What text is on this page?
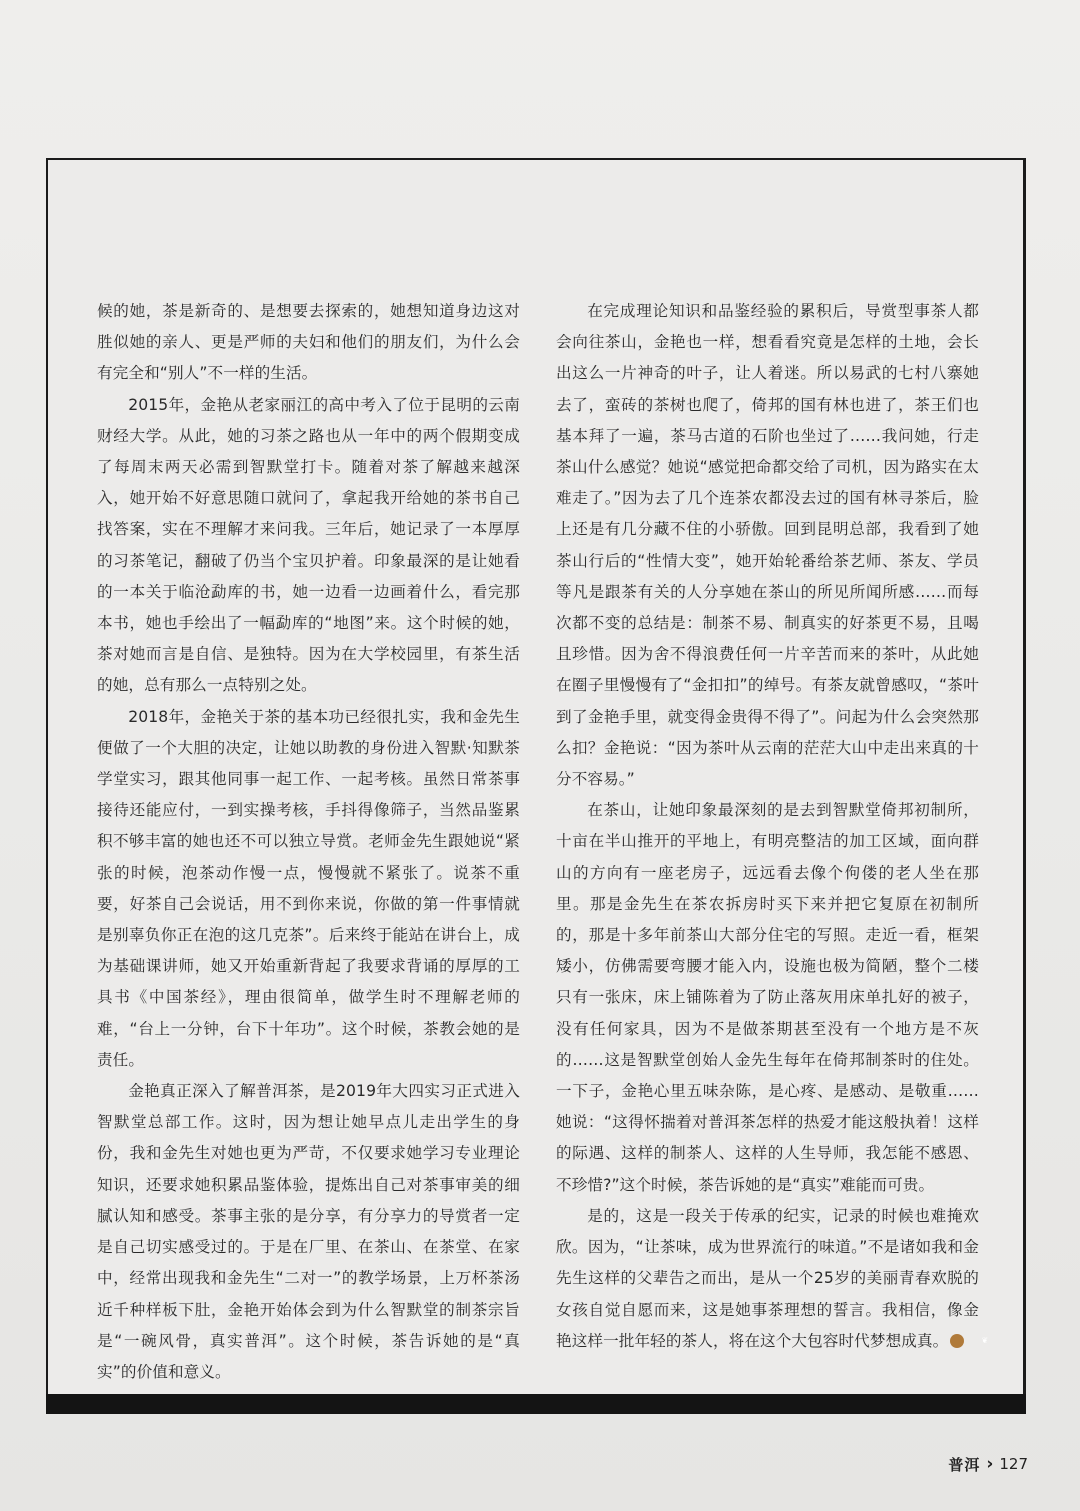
候的她，茶是新奇的、是想要去探索的，她想知道身边这对胜似她的亲人、更是严师的夫妇和他们的朋友们，为什么会有完全和“别人”不一样的生活。

2015年，金艳从老家丽江的高中考入了位于昆明的云南财经大学。从此，她的习茶之路也从一年中的两个假期变成了每周末两天必需到智默堂打卡。随着对茶了解越来越深入，她开始不好意思随口就问了，拿起我开给她的茶书自己找答案，实在不理解才来问我。三年后，她记录了一本厚厚的习茶笔记，翻破了仍当个宝贝护着。印象最深的是让她看的一本关于临沧勐库的书，她一边看一边画着什么，看完那本书，她也手绘出了一幅勐库的“地图”来。这个时候的她，茶对她而言是自信、是独特。因为在大学校园里，有茶生活的她，总有那么一点特别之处。

2018年，金艳关于茶的基本功已经很扎实，我和金先生便做了一个大胆的决定，让她以助教的身份进入智默·知默茶学堂实习，跟其他同事一起工作、一起考核。虽然日常茶事接待还能应付，一到实操考核，手抖得像筛子，当然品鉴累积不够丰富的她也还不可以独立导赏。老师金先生跟她说“紧张的时候，泡茶动作慢一点，慢慢就不紧张了。说茶不重要，好茶自己会说话，用不到你来说，你做的第一件事情就是别辜负你正在泡的这几克茶”。后来终于能站在讲台上，成为基础课讲师，她又开始重新背起了我要求背诵的厚厚的工具书《中国茶经》，理由很简单，做学生时不理解老师的难，“台上一分钟，台下十年功”。这个时候，茶教会她的是责任。

金艳真正深入了解普洱茶，是2019年大四实习正式进入智默堂总部工作。这时，因为想让她早点儿走出学生的身份，我和金先生对她也更为严苛，不仅要求她学习专业理论知识，还要求她积累品鉴体验，提炼出自己对茶事审美的细腻认知和感受。茶事主张的是分享，有分享力的导赏者一定是自己切实感受过的。于是在厂里、在茶山、在茶堂、在家中，经常出现我和金先生“二对一”的教学场景，上万杯茶汤近千种样板下肚，金艳开始体会到为什么智默堂的制茶宗旨是“一碗风骨，真实普洱”。这个时候，茶告诉她的是“真实”的价值和意义。

在完成理论知识和品鉴经验的累积后，导赏型事茶人都会向往茶山，金艳也一样，想看看究竟是怎样的土地，会长出这么一片神奇的叶子，让人着迷。所以易武的七村八寨她去了，蛮砖的茶树也爬了，倚邦的国有林也进了，茶王们也基本拜了一遍，茶马古道的石阶也坐过了……我问她，行走茶山什么感觉？她说“感觉把命都交给了司机，因为路实在太难走了。”因为去了几个连茶农都没去过的国有林寻茶后，脸上还是有几分藏不住的小骄傲。回到昆明总部，我看到了她茶山行后的“性情大变”，她开始轮番给茶艺师、茶友、学员等凡是跟茶有关的人分享她在茶山的所见所闻所感……而每次都不变的总结是：制茶不易、制真实的好茶更不易，且喝且珍惜。因为舍不得浪费任何一片辛苦而来的茶叶，从此她在圈子里慢慢有了“金扣扣”的绰号。有茶友就曾感叹，“茶叶到了金艳手里，就变得金贵得不得了”。问起为什么会突然那么扣？金艳说：“因为茶叶从云南的茫茫大山中走出来真的十分不容易。”

在茶山，让她印象最深刻的是去到智默堂倚邦初制所，十亩在半山推开的平地上，有明亮整洁的加工区域，面向群山的方向有一座老房子，远远看去像个佝偻的老人坐在那里。那是金先生在茶农拆房时买下来并把它复原在初制所的，那是十多年前茶山大部分住宅的写照。走近一看，框架矮小，仿佛需要弯腰才能入内，设施也极为简陋，整个二楼只有一张床，床上铺陈着为了防止落灰用床单扎好的被子，没有任何家具，因为不是做茶期甚至没有一个地方是不灰的……这是智默堂创始人金先生每年在倚邦制茶时的住处。一下子，金艳心里五味杂陈，是心疼、是感动、是敬重……她说：“这得怀揣着对普洱茶怎样的热爱才能这般执着！这样的际遇、这样的制茶人、这样的人生导师，我怎能不感恩、不珍惜?”这个时候，茶告诉她的是“真实”难能而可贵。

是的，这是一段关于传承的纪实，记录的时候也难掩欢欣。因为，“让茶味，成为世界流行的味道。”不是诸如我和金先生这样的父辈告之而出，是从一个25岁的美丽青春欢脱的女孩自觉自愿而来，这是她事茶理想的誓言。我相信，像金艳这样一批年轻的茶人，将在这个大包容时代梦想成真。	❦

普洱 › 127
